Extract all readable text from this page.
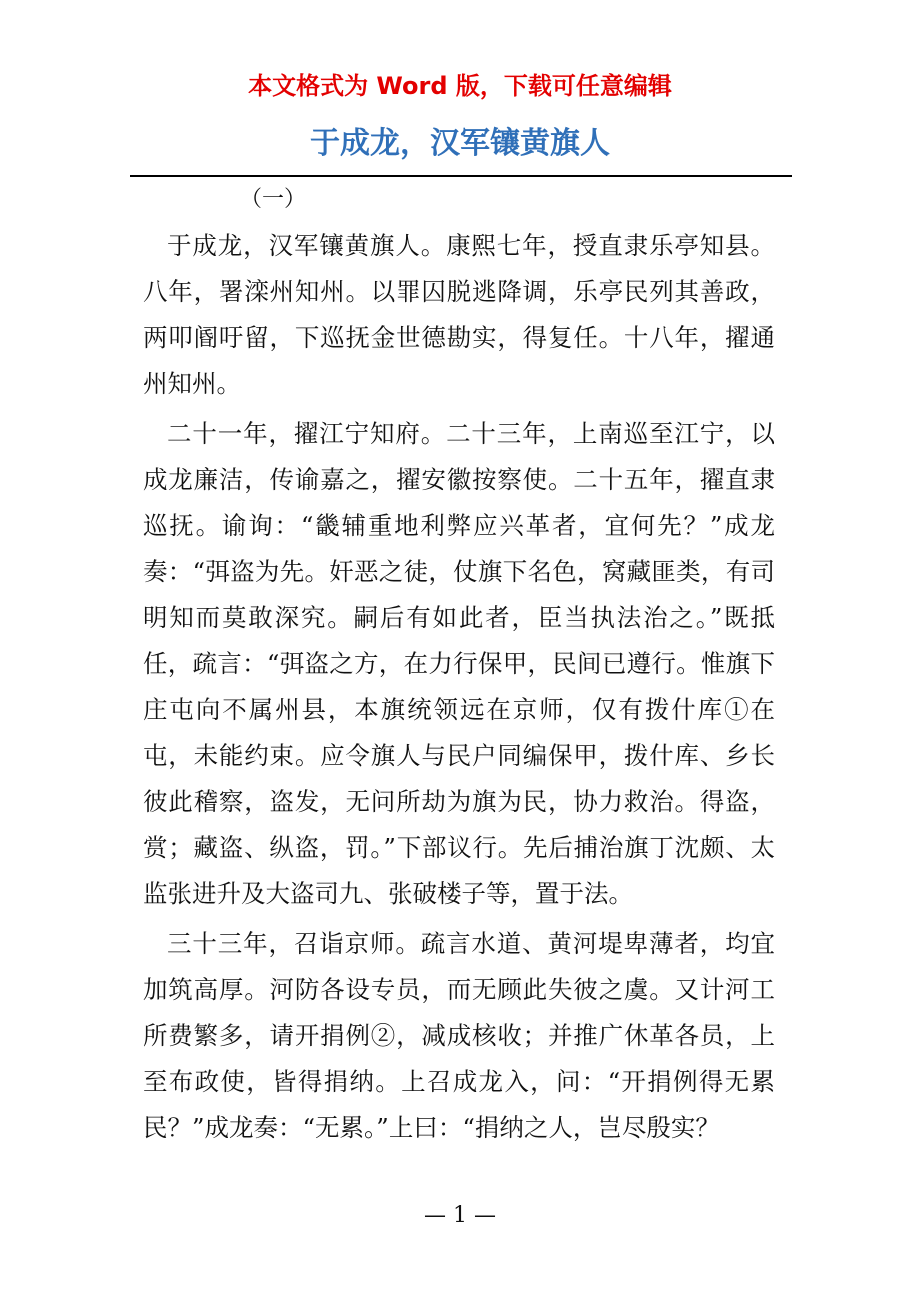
本文格式为 Word 版，下载可任意编辑
于成龙，汉军镶黄旗人
（一）

于成龙，汉军镶黄旗人。康熙七年，授直隶乐亭知县。八年，署滦州知州。以罪囚脱逃降调，乐亭民列其善政，两叩阍吁留，下巡抚金世德勘实，得复任。十八年，擢通州知州。

二十一年，擢江宁知府。二十三年，上南巡至江宁，以成龙廉洁，传谕嘉之，擢安徽按察使。二十五年，擢直隶巡抚。谕询：“畿辅重地利弊应兴革者，宜何先？”成龙奏：“弭盗为先。奸恶之徒，仗旗下名色，窝藏匪类，有司明知而莫敢深究。嗣后有如此者，臣当执法治之。”既抵任，疏言：“弭盗之方，在力行保甲，民间已遵行。惟旗下庄屯向不属州县，本旗统领远在京师，仅有拨什库①在屯，未能约束。应令旗人与民户同编保甲，拨什库、乡长彼此稽察，盗发，无问所劫为旗为民，协力救治。得盗，赏；藏盗、纵盗，罚。”下部议行。先后捕治旗丁沈颇、太监张进升及大盗司九、张破楼子等，置于法。

三十三年，召诣京师。疏言水道、黄河堤卑薄者，均宜加筑高厚。河防各设专员，而无顾此失彼之虞。又计河工所费繁多，请开捐例②，减成核收；并推广休革各员，上至布政使，皆得捐纳。上召成龙入，问：“开捐例得无累民？”成龙奏：“无累。”上曰：“捐纳之人，岂尽殷实？

— 1 —
